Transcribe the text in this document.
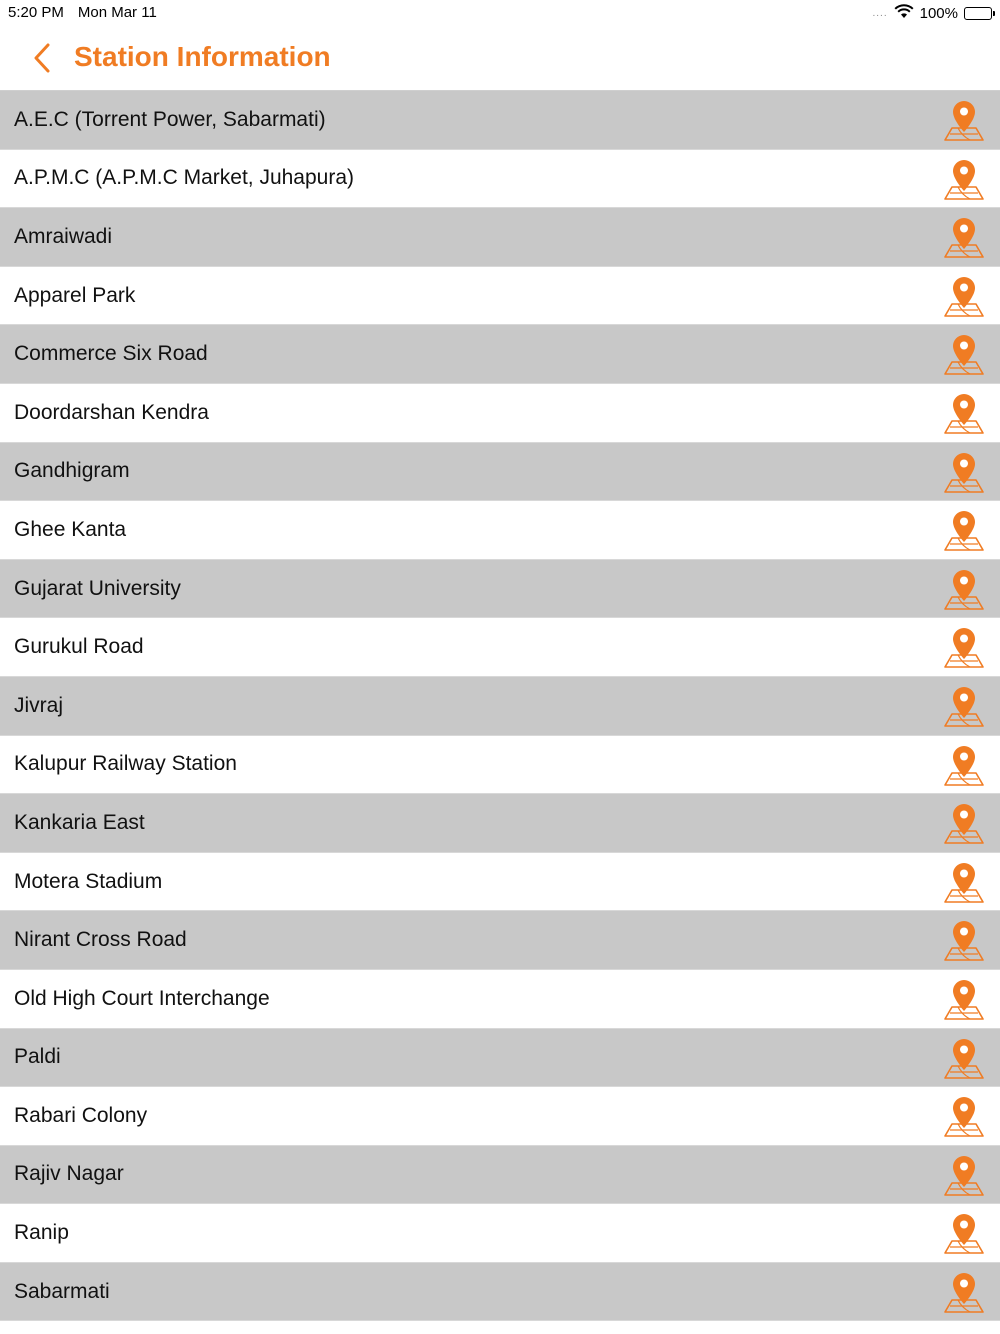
5:20 PM Mon Mar 11	.... 100%
Station Information
A.E.C (Torrent Power, Sabarmati)
A.P.M.C (A.P.M.C Market, Juhapura)
Amraiwadi
Apparel Park
Commerce Six Road
Doordarshan Kendra
Gandhigram
Ghee Kanta
Gujarat University
Gurukul Road
Jivraj
Kalupur Railway Station
Kankaria East
Motera Stadium
Nirant Cross Road
Old High Court Interchange
Paldi
Rabari Colony
Rajiv Nagar
Ranip
Sabarmati
